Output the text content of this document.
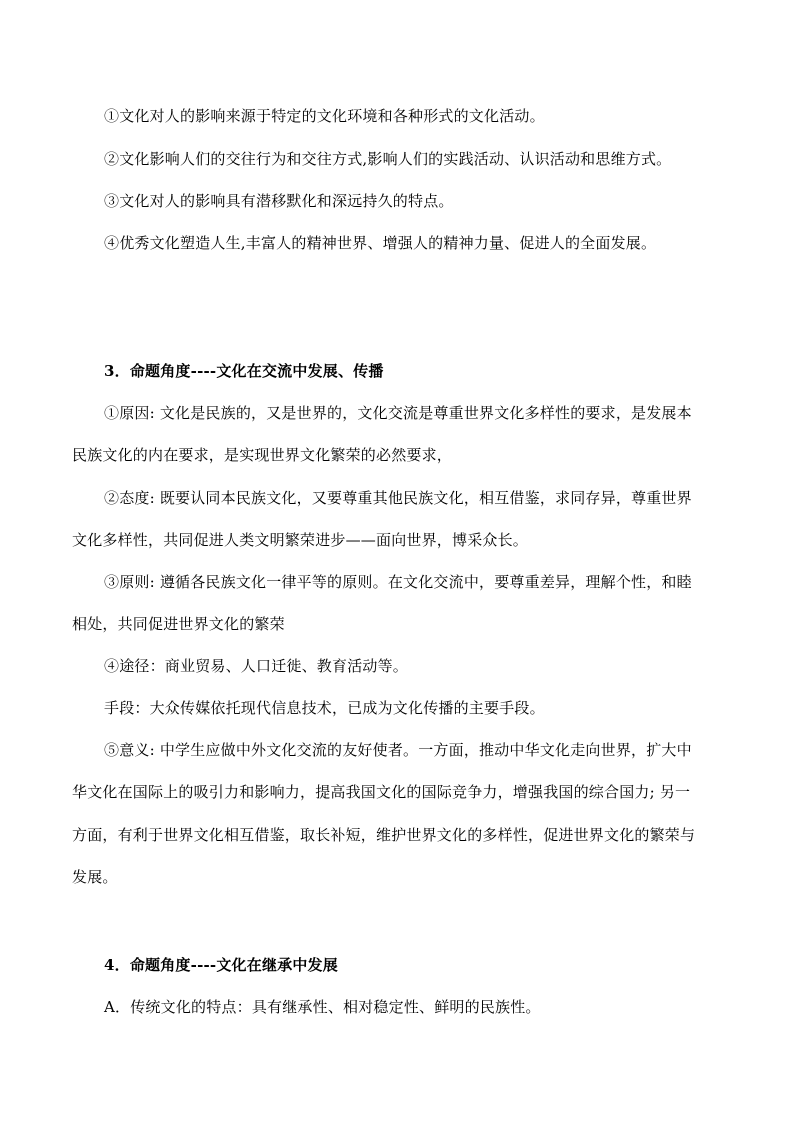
①文化对人的影响来源于特定的文化环境和各种形式的文化活动。
②文化影响人们的交往行为和交往方式,影响人们的实践活动、认识活动和思维方式。
③文化对人的影响具有潜移默化和深远持久的特点。
④优秀文化塑造人生,丰富人的精神世界、增强人的精神力量、促进人的全面发展。
3．命题角度----文化在交流中发展、传播
①原因: 文化是民族的，又是世界的，文化交流是尊重世界文化多样性的要求，是发展本
民族文化的内在要求，是实现世界文化繁荣的必然要求，
②态度: 既要认同本民族文化，又要尊重其他民族文化，相互借鉴，求同存异，尊重世界
文化多样性，共同促进人类文明繁荣进步——面向世界，博采众长。
③原则: 遵循各民族文化一律平等的原则。在文化交流中，要尊重差异，理解个性，和睦
相处，共同促进世界文化的繁荣
④途径：商业贸易、人口迁徙、教育活动等。
手段：大众传媒依托现代信息技术，已成为文化传播的主要手段。
⑤意义: 中学生应做中外文化交流的友好使者。一方面，推动中华文化走向世界，扩大中
华文化在国际上的吸引力和影响力，提高我国文化的国际竞争力，增强我国的综合国力; 另一
方面，有利于世界文化相互借鉴，取长补短，维护世界文化的多样性，促进世界文化的繁荣与
发展。
4．命题角度----文化在继承中发展
A．传统文化的特点：具有继承性、相对稳定性、鲜明的民族性。
